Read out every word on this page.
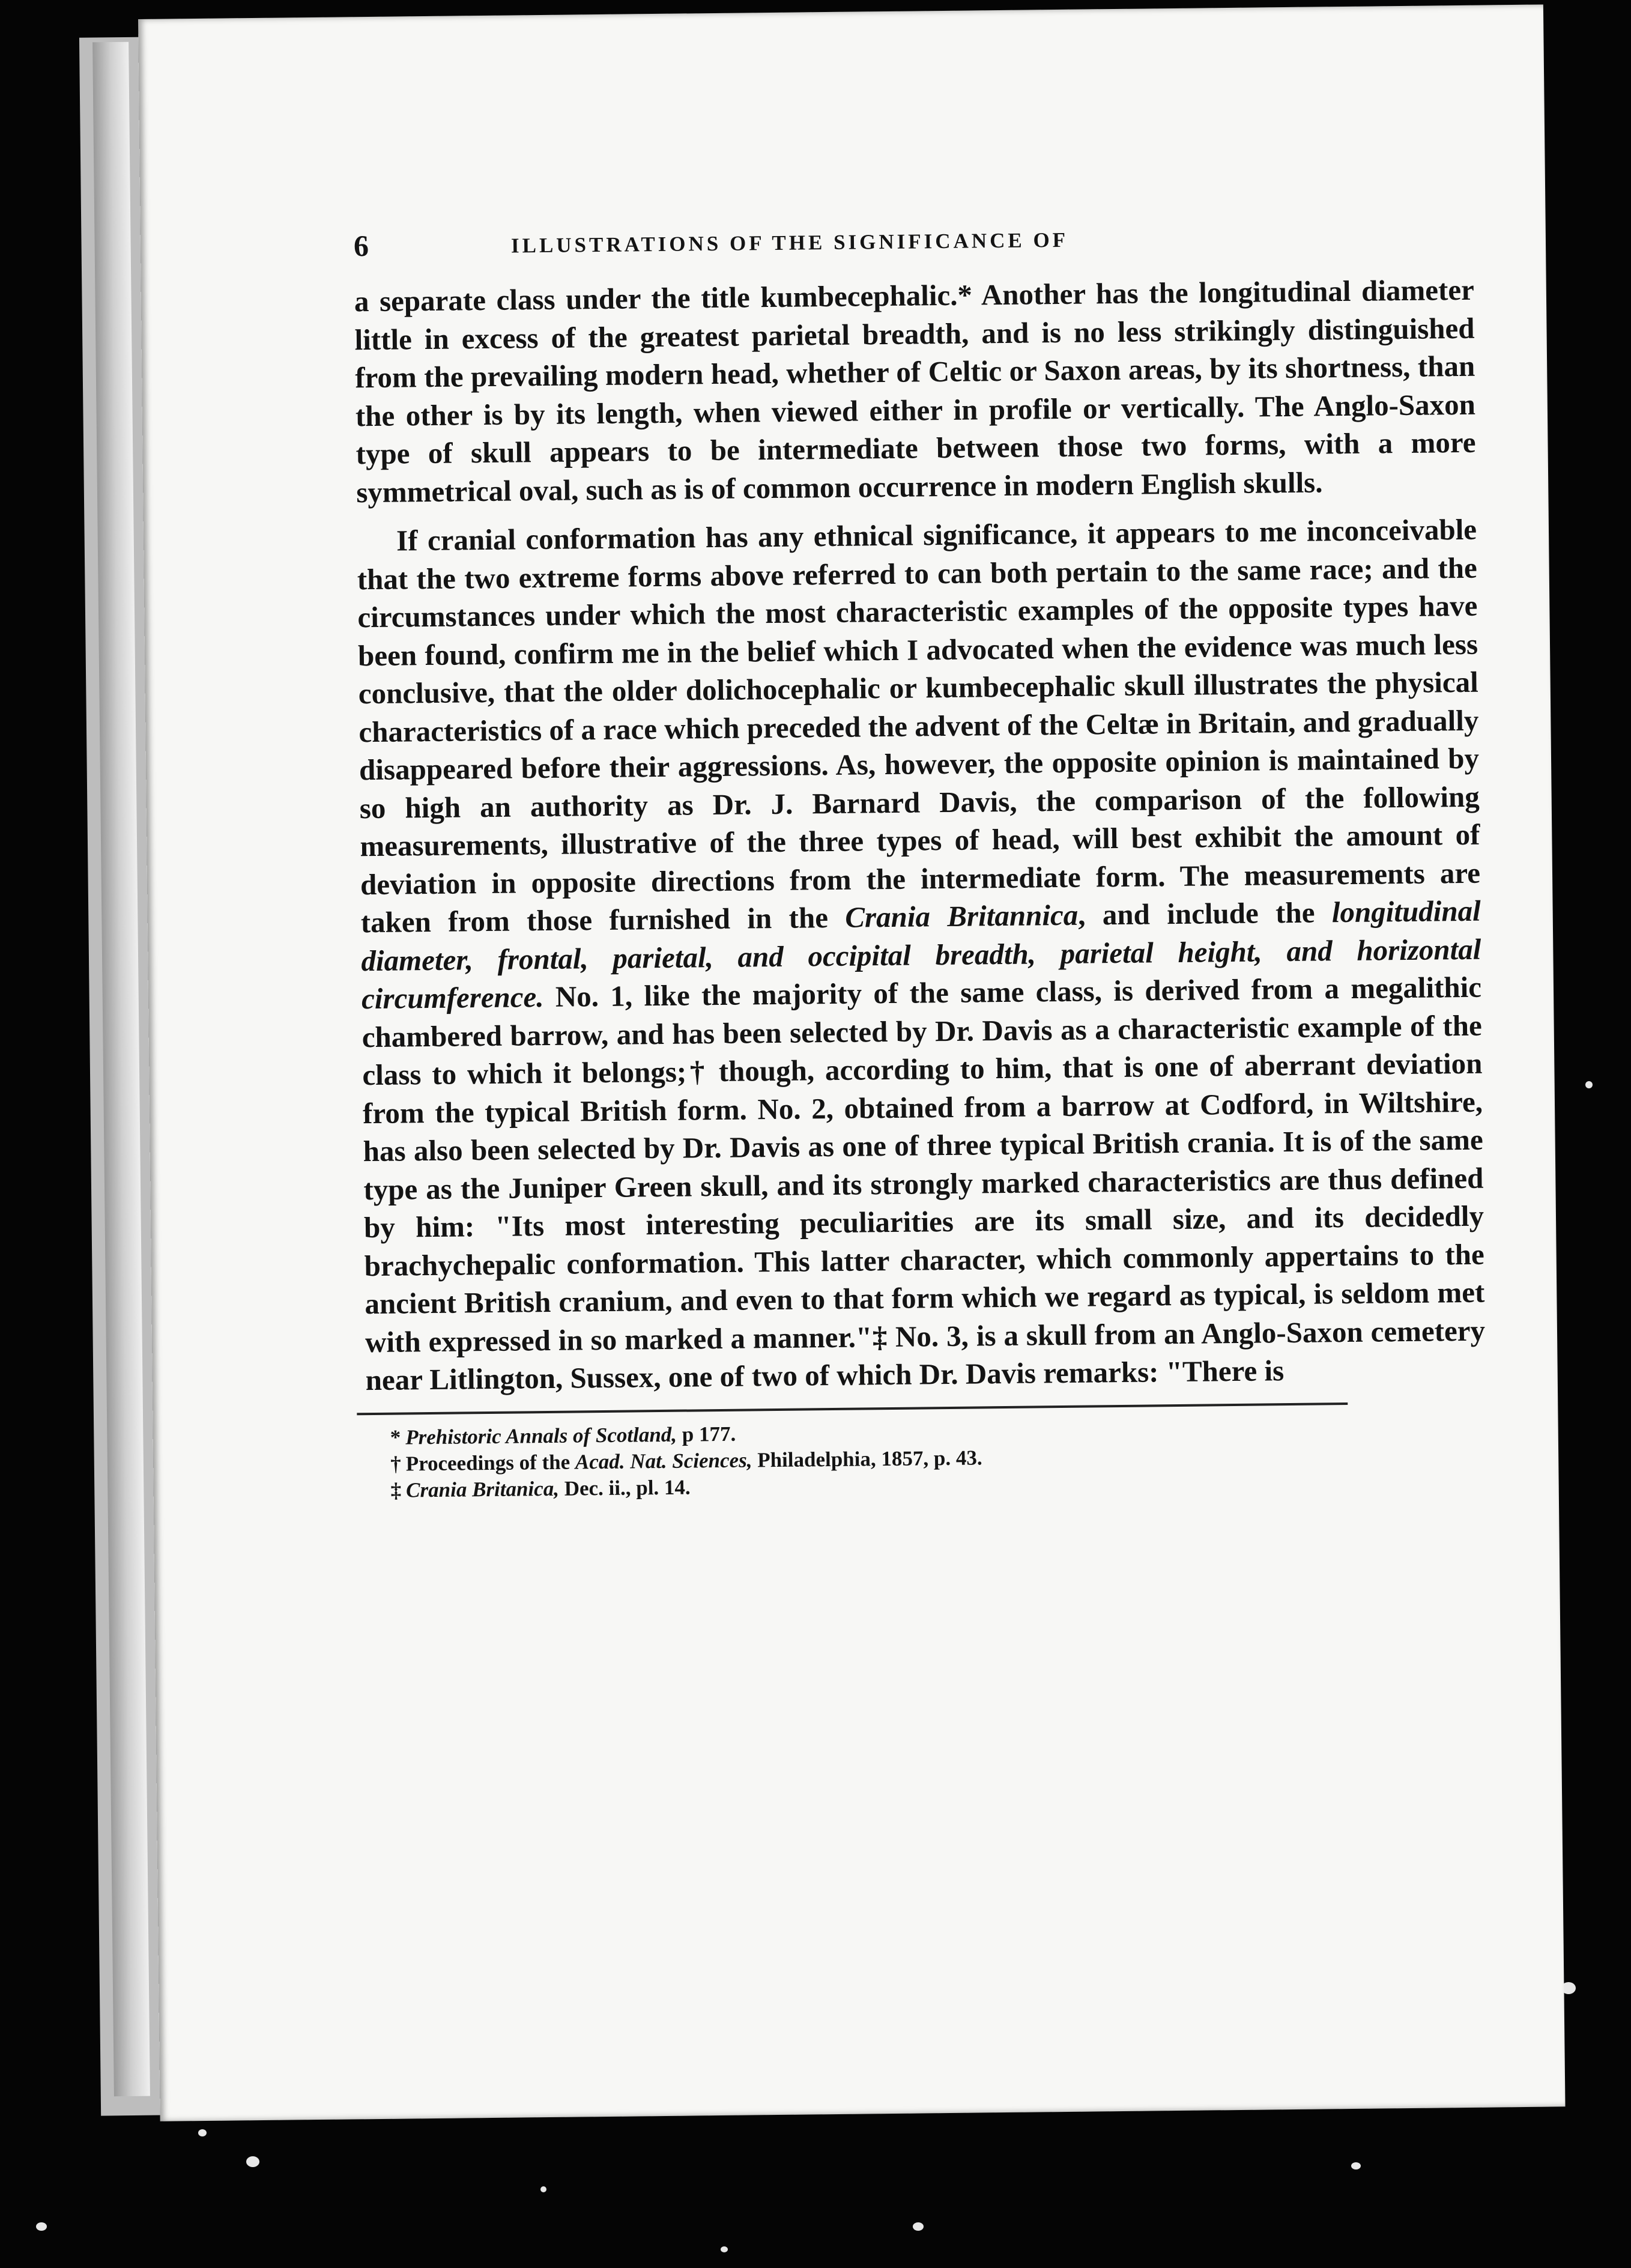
6	ILLUSTRATIONS OF THE SIGNIFICANCE OF

a separate class under the title kumbecephalic.* Another has the longitudinal diameter little in excess of the greatest parietal breadth, and is no less strikingly distinguished from the prevailing modern head, whether of Celtic or Saxon areas, by its shortness, than the other is by its length, when viewed either in profile or vertically. The Anglo-Saxon type of skull appears to be intermediate between those two forms, with a more symmetrical oval, such as is of common occurrence in modern English skulls.

If cranial conformation has any ethnical significance, it appears to me inconceivable that the two extreme forms above referred to can both pertain to the same race; and the circumstances under which the most characteristic examples of the opposite types have been found, confirm me in the belief which I advocated when the evidence was much less conclusive, that the older dolichocephalic or kumbecephalic skull illustrates the physical characteristics of a race which preceded the advent of the Celtæ in Britain, and gradually disappeared before their aggressions. As, however, the opposite opinion is maintained by so high an authority as Dr. J. Barnard Davis, the comparison of the following measurements, illustrative of the three types of head, will best exhibit the amount of deviation in opposite directions from the intermediate form. The measurements are taken from those furnished in the Crania Britannica, and include the longitudinal diameter, frontal, parietal, and occipital breadth, parietal height, and horizontal circumference. No. 1, like the majority of the same class, is derived from a megalithic chambered barrow, and has been selected by Dr. Davis as a characteristic example of the class to which it belongs;† though, according to him, that is one of aberrant deviation from the typical British form. No. 2, obtained from a barrow at Codford, in Wiltshire, has also been selected by Dr. Davis as one of three typical British crania. It is of the same type as the Juniper Green skull, and its strongly marked characteristics are thus defined by him: "Its most interesting peculiarities are its small size, and its decidedly brachychepalic conformation. This latter character, which commonly appertains to the ancient British cranium, and even to that form which we regard as typical, is seldom met with expressed in so marked a manner."‡ No. 3, is a skull from an Anglo-Saxon cemetery near Litlington, Sussex, one of two of which Dr. Davis remarks: "There is

* Prehistoric Annals of Scotland, p 177.
† Proceedings of the Acad. Nat. Sciences, Philadelphia, 1857, p. 43.
‡ Crania Britanica, Dec. ii., pl. 14.
